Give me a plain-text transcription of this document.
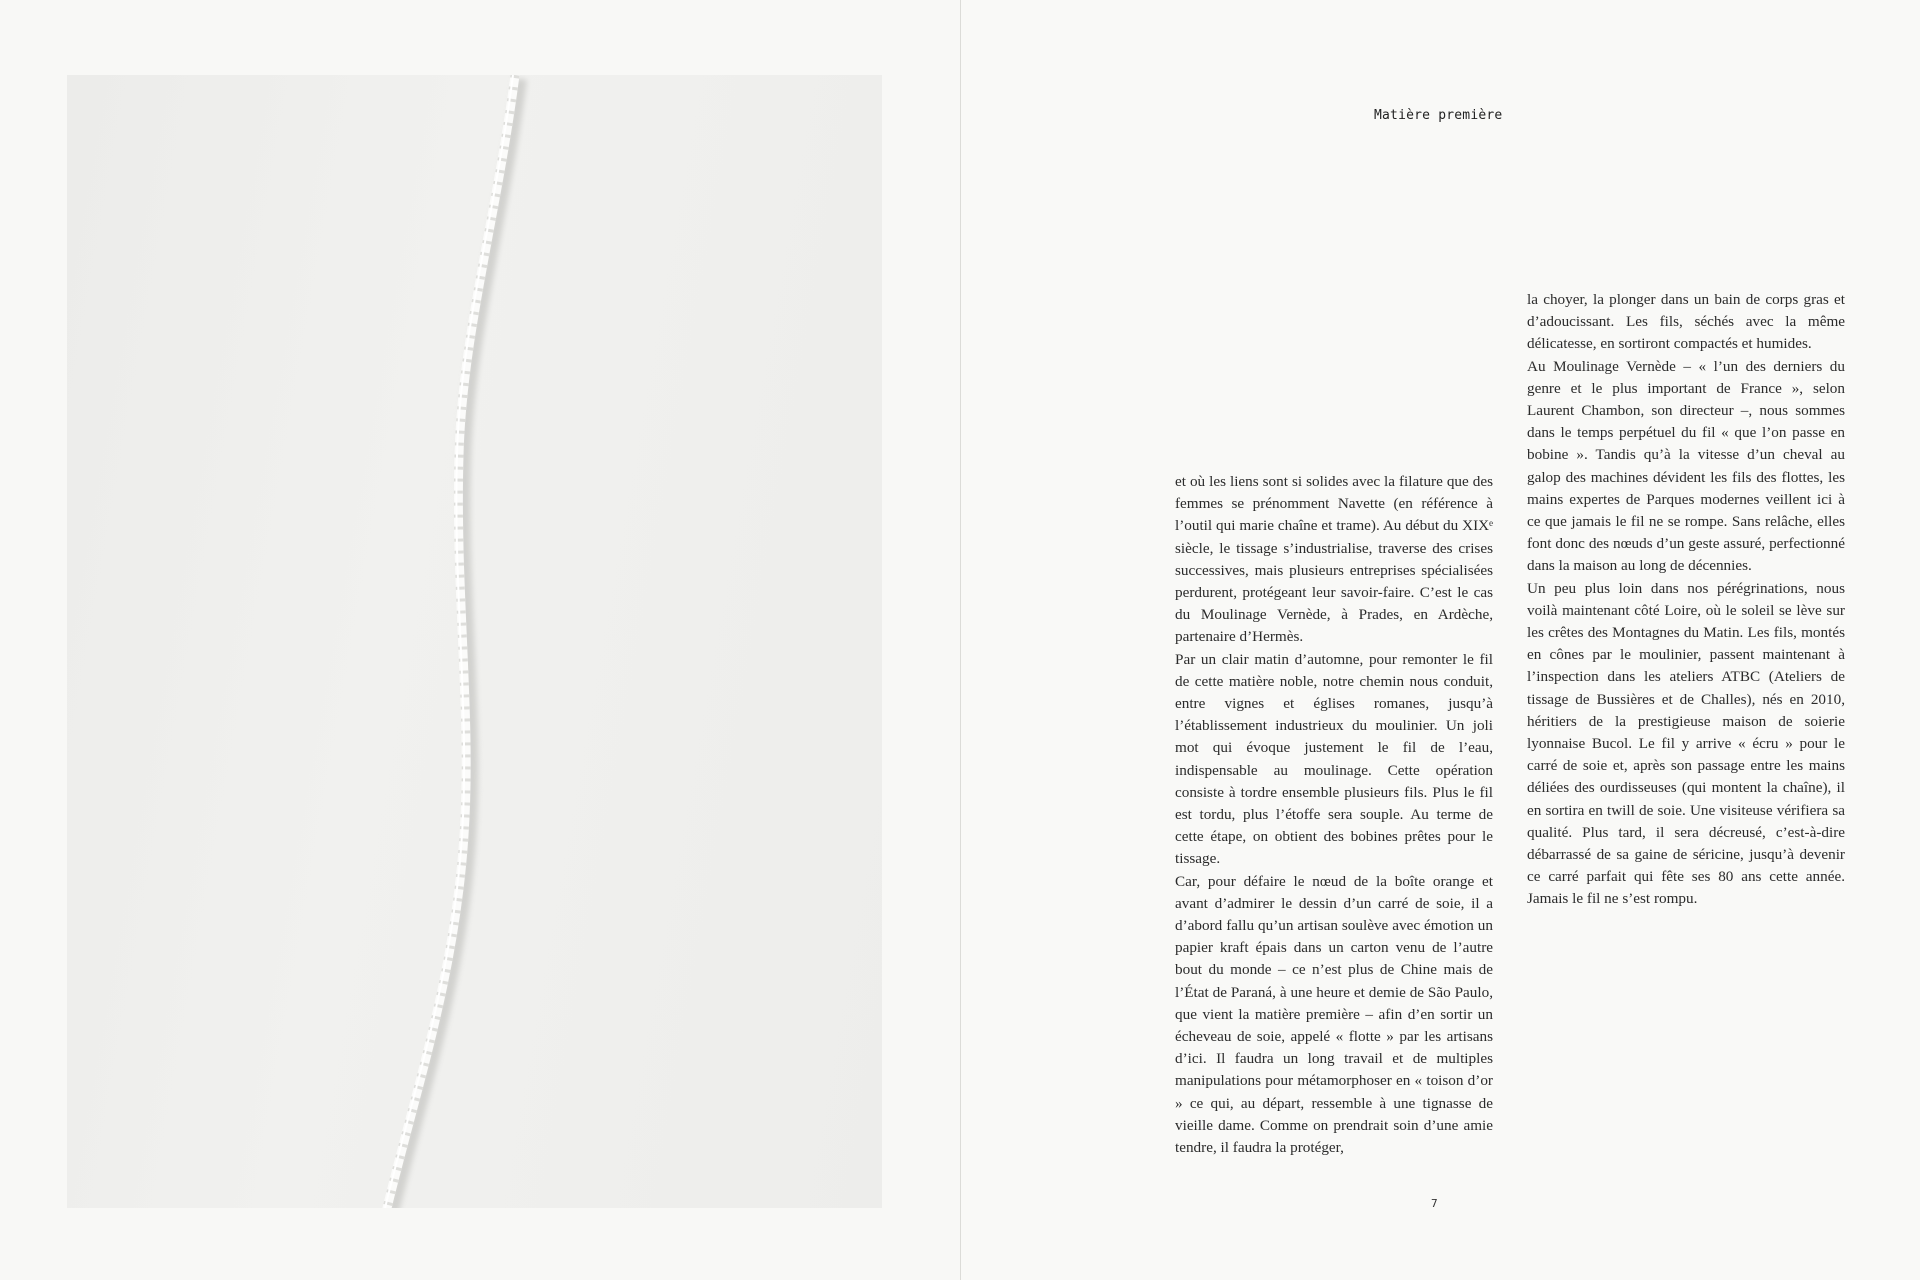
Matière première

et où les liens sont si solides avec la filature que des femmes se prénomment Navette (en référence à l’outil qui marie chaîne et trame). Au début du XIXᵉ siècle, le tissage s’industrialise, traverse des crises successives, mais plusieurs entreprises spécialisées perdurent, protégeant leur savoir-faire. C’est le cas du Moulinage Vernède, à Prades, en Ardèche, partenaire d’Hermès.

Par un clair matin d’automne, pour remonter le fil de cette matière noble, notre chemin nous conduit, entre vignes et églises romanes, jusqu’à l’établissement industrieux du moulinier. Un joli mot qui évoque justement le fil de l’eau, indispensable au moulinage. Cette opération consiste à tordre ensemble plusieurs fils. Plus le fil est tordu, plus l’étoffe sera souple. Au terme de cette étape, on obtient des bobines prêtes pour le tissage.

Car, pour défaire le nœud de la boîte orange et avant d’admirer le dessin d’un carré de soie, il a d’abord fallu qu’un artisan soulève avec émotion un papier kraft épais dans un carton venu de l’autre bout du monde – ce n’est plus de Chine mais de l’État de Paraná, à une heure et demie de São Paulo, que vient la matière première – afin d’en sortir un écheveau de soie, appelé « flotte » par les artisans d’ici. Il faudra un long travail et de multiples manipulations pour métamorphoser en « toison d’or » ce qui, au départ, ressemble à une tignasse de vieille dame. Comme on prendrait soin d’une amie tendre, il faudra la protéger,

la choyer, la plonger dans un bain de corps gras et d’adoucissant. Les fils, séchés avec la même délicatesse, en sortiront compactés et humides.

Au Moulinage Vernède – « l’un des derniers du genre et le plus important de France », selon Laurent Chambon, son directeur –, nous sommes dans le temps perpétuel du fil « que l’on passe en bobine ». Tandis qu’à la vitesse d’un cheval au galop des machines dévident les fils des flottes, les mains expertes de Parques modernes veillent ici à ce que jamais le fil ne se rompe. Sans relâche, elles font donc des nœuds d’un geste assuré, perfectionné dans la maison au long de décennies.

Un peu plus loin dans nos pérégrinations, nous voilà maintenant côté Loire, où le soleil se lève sur les crêtes des Montagnes du Matin. Les fils, montés en cônes par le moulinier, passent maintenant à l’inspection dans les ateliers ATBC (Ateliers de tissage de Bussières et de Challes), nés en 2010, héritiers de la prestigieuse maison de soierie lyonnaise Bucol. Le fil y arrive « écru » pour le carré de soie et, après son passage entre les mains déliées des ourdisseuses (qui montent la chaîne), il en sortira en twill de soie. Une visiteuse vérifiera sa qualité. Plus tard, il sera décreusé, c’est-à-dire débarrassé de sa gaine de séricine, jusqu’à devenir ce carré parfait qui fête ses 80 ans cette année. Jamais le fil ne s’est rompu.

7
